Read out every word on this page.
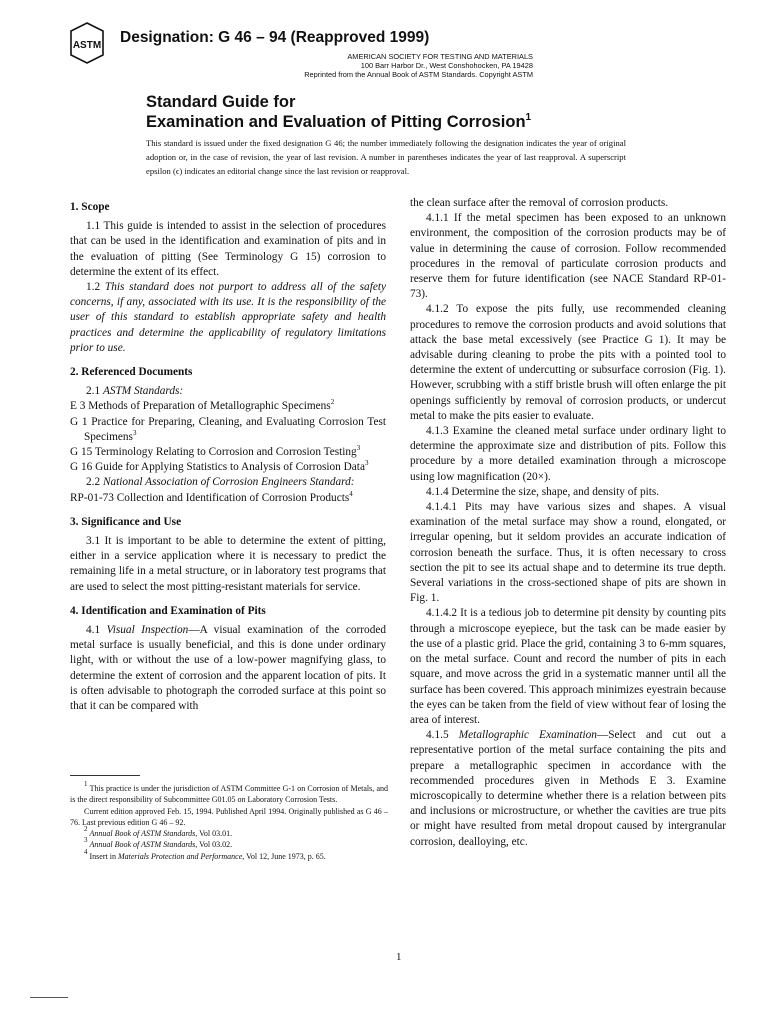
ASTM Designation: G 46 – 94 (Reapproved 1999)
AMERICAN SOCIETY FOR TESTING AND MATERIALS
100 Barr Harbor Dr., West Conshohocken, PA 19428
Reprinted from the Annual Book of ASTM Standards. Copyright ASTM
Standard Guide for
Examination and Evaluation of Pitting Corrosion$^1$
This standard is issued under the fixed designation G 46; the number immediately following the designation indicates the year of original adoption or, in the case of revision, the year of last revision. A number in parentheses indicates the year of last reapproval. A superscript epsilon (ϵ) indicates an editorial change since the last revision or reapproval.
1. Scope

1.1 This guide is intended to assist in the selection of procedures that can be used in the identification and examination of pits and in the evaluation of pitting (See Terminology G 15) corrosion to determine the extent of its effect.

1.2 This standard does not purport to address all of the safety concerns, if any, associated with its use. It is the responsibility of the user of this standard to establish appropriate safety and health practices and determine the applicability of regulatory limitations prior to use.

2. Referenced Documents

2.1 ASTM Standards:

E 3 Methods of Preparation of Metallographic Specimens$^2$

G 1 Practice for Preparing, Cleaning, and Evaluating Corrosion Test Specimens$^3$

G 15 Terminology Relating to Corrosion and Corrosion Testing$^3$

G 16 Guide for Applying Statistics to Analysis of Corrosion Data$^3$

2.2 National Association of Corrosion Engineers Standard:

RP-01-73 Collection and Identification of Corrosion Products$^4$

3. Significance and Use

3.1 It is important to be able to determine the extent of pitting, either in a service application where it is necessary to predict the remaining life in a metal structure, or in laboratory test programs that are used to select the most pitting-resistant materials for service.

4. Identification and Examination of Pits

4.1 Visual Inspection—A visual examination of the corroded metal surface is usually beneficial, and this is done under ordinary light, with or without the use of a low-power magnifying glass, to determine the extent of corrosion and the apparent location of pits. It is often advisable to photograph the corroded surface at this point so that it can be compared with

the clean surface after the removal of corrosion products.

4.1.1 If the metal specimen has been exposed to an unknown environment, the composition of the corrosion products may be of value in determining the cause of corrosion. Follow recommended procedures in the removal of particulate corrosion products and reserve them for future identification (see NACE Standard RP-01-73).

4.1.2 To expose the pits fully, use recommended cleaning procedures to remove the corrosion products and avoid solutions that attack the base metal excessively (see Practice G 1). It may be advisable during cleaning to probe the pits with a pointed tool to determine the extent of undercutting or subsurface corrosion (Fig. 1). However, scrubbing with a stiff bristle brush will often enlarge the pit openings sufficiently by removal of corrosion products, or undercut metal to make the pits easier to evaluate.

4.1.3 Examine the cleaned metal surface under ordinary light to determine the approximate size and distribution of pits. Follow this procedure by a more detailed examination through a microscope using low magnification (20×).

4.1.4 Determine the size, shape, and density of pits.

4.1.4.1 Pits may have various sizes and shapes. A visual examination of the metal surface may show a round, elongated, or irregular opening, but it seldom provides an accurate indication of corrosion beneath the surface. Thus, it is often necessary to cross section the pit to see its actual shape and to determine its true depth. Several variations in the cross-sectioned shape of pits are shown in Fig. 1.

4.1.4.2 It is a tedious job to determine pit density by counting pits through a microscope eyepiece, but the task can be made easier by the use of a plastic grid. Place the grid, containing 3 to 6-mm squares, on the metal surface. Count and record the number of pits in each square, and move across the grid in a systematic manner until all the surface has been covered. This approach minimizes eyestrain because the eyes can be taken from the field of view without fear of losing the area of interest.

4.1.5 Metallographic Examination—Select and cut out a representative portion of the metal surface containing the pits and prepare a metallographic specimen in accordance with the recommended procedures given in Methods E 3. Examine microscopically to determine whether there is a relation between pits and inclusions or microstructure, or whether the cavities are true pits or might have resulted from metal dropout caused by intergranular corrosion, dealloying, etc.

$^1$ This practice is under the jurisdiction of ASTM Committee G-1 on Corrosion of Metals, and is the direct responsibility of Subcommittee G01.05 on Laboratory Corrosion Tests.

Current edition approved Feb. 15, 1994. Published April 1994. Originally published as G 46 – 76. Last previous edition G 46 – 92.

$^2$ Annual Book of ASTM Standards, Vol 03.01.

$^3$ Annual Book of ASTM Standards, Vol 03.02.

$^4$ Insert in Materials Protection and Performance, Vol 12, June 1973, p. 65.

1
